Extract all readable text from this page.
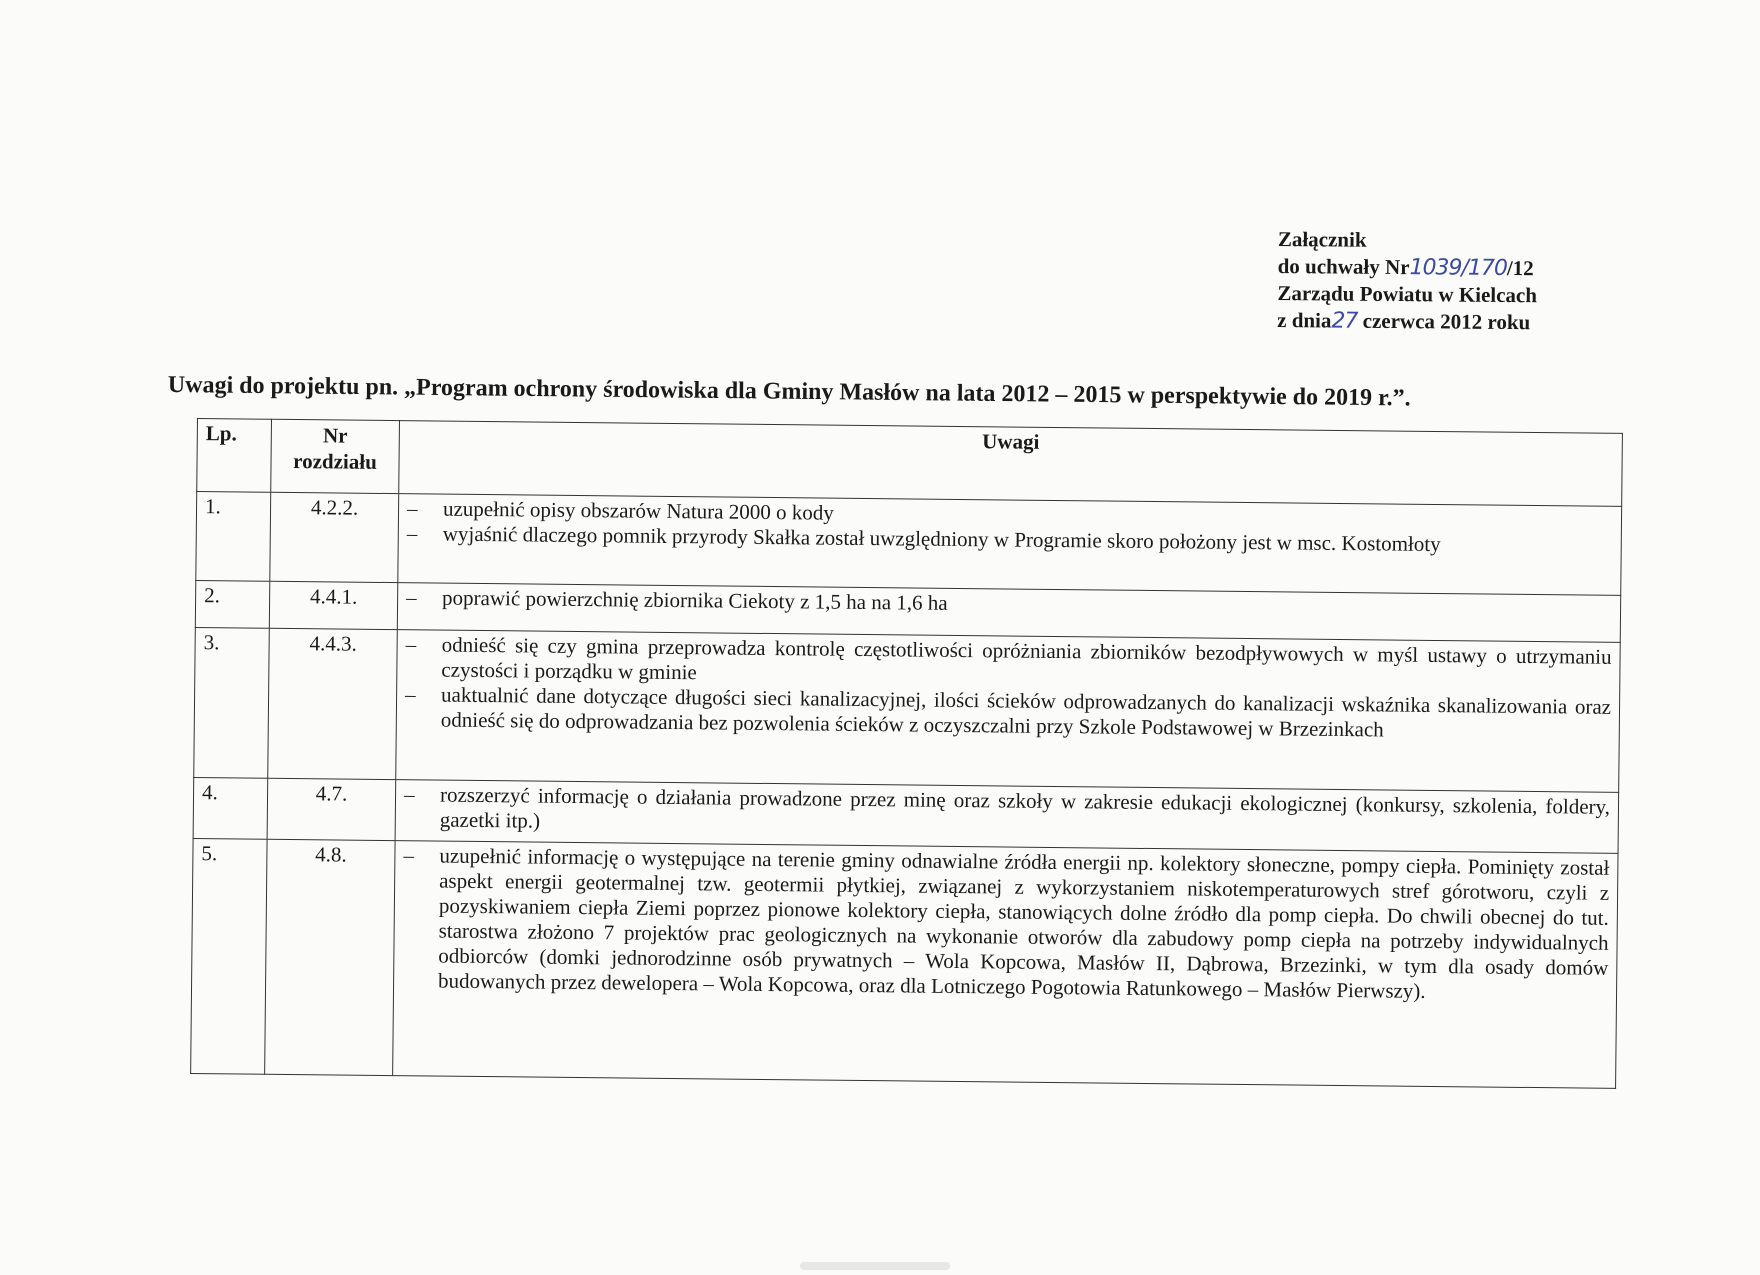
Załącznik
do uchwały Nr1039/170/12
Zarządu Powiatu w Kielcach
z dnia27 czerwca 2012 roku
Uwagi do projektu pn. „Program ochrony środowiska dla Gminy Masłów na lata 2012 – 2015 w perspektywie do 2019 r.”.
Lp.	Nr rozdziału	Uwagi
1.	4.2.2.	– uzupełnić opisy obszarów Natura 2000 o kody
– wyjaśnić dlaczego pomnik przyrody Skałka został uwzględniony w Programie skoro położony jest w msc. Kostomłoty

2.	4.4.1.	– poprawić powierzchnię zbiornika Ciekoty z 1,5 ha na 1,6 ha

3.	4.4.3.	– odnieść się czy gmina przeprowadza kontrolę częstotliwości opróżniania zbiorników bezodpływowych w myśl ustawy o utrzymaniu czystości i porządku w gminie
– uaktualnić dane dotyczące długości sieci kanalizacyjnej, ilości ścieków odprowadzanych do kanalizacji wskaźnika skanalizowania oraz odnieść się do odprowadzania bez pozwolenia ścieków z oczyszczalni przy Szkole Podstawowej w Brzezinkach

4.	4.7.	– rozszerzyć informację o działania prowadzone przez minę oraz szkoły w zakresie edukacji ekologicznej (konkursy, szkolenia, foldery, gazetki itp.)

5.	4.8.	– uzupełnić informację o występujące na terenie gminy odnawialne źródła energii np. kolektory słoneczne, pompy ciepła. Pominięty został aspekt energii geotermalnej tzw. geotermii płytkiej, związanej z wykorzystaniem niskotemperaturowych stref górotworu, czyli z pozyskiwaniem ciepła Ziemi poprzez pionowe kolektory ciepła, stanowiących dolne źródło dla pomp ciepła. Do chwili obecnej do tut. starostwa złożono 7 projektów prac geologicznych na wykonanie otworów dla zabudowy pomp ciepła na potrzeby indywidualnych odbiorców (domki jednorodzinne osób prywatnych – Wola Kopcowa, Masłów II, Dąbrowa, Brzezinki, w tym dla osady domów budowanych przez dewelopera – Wola Kopcowa, oraz dla Lotniczego Pogotowia Ratunkowego – Masłów Pierwszy).
